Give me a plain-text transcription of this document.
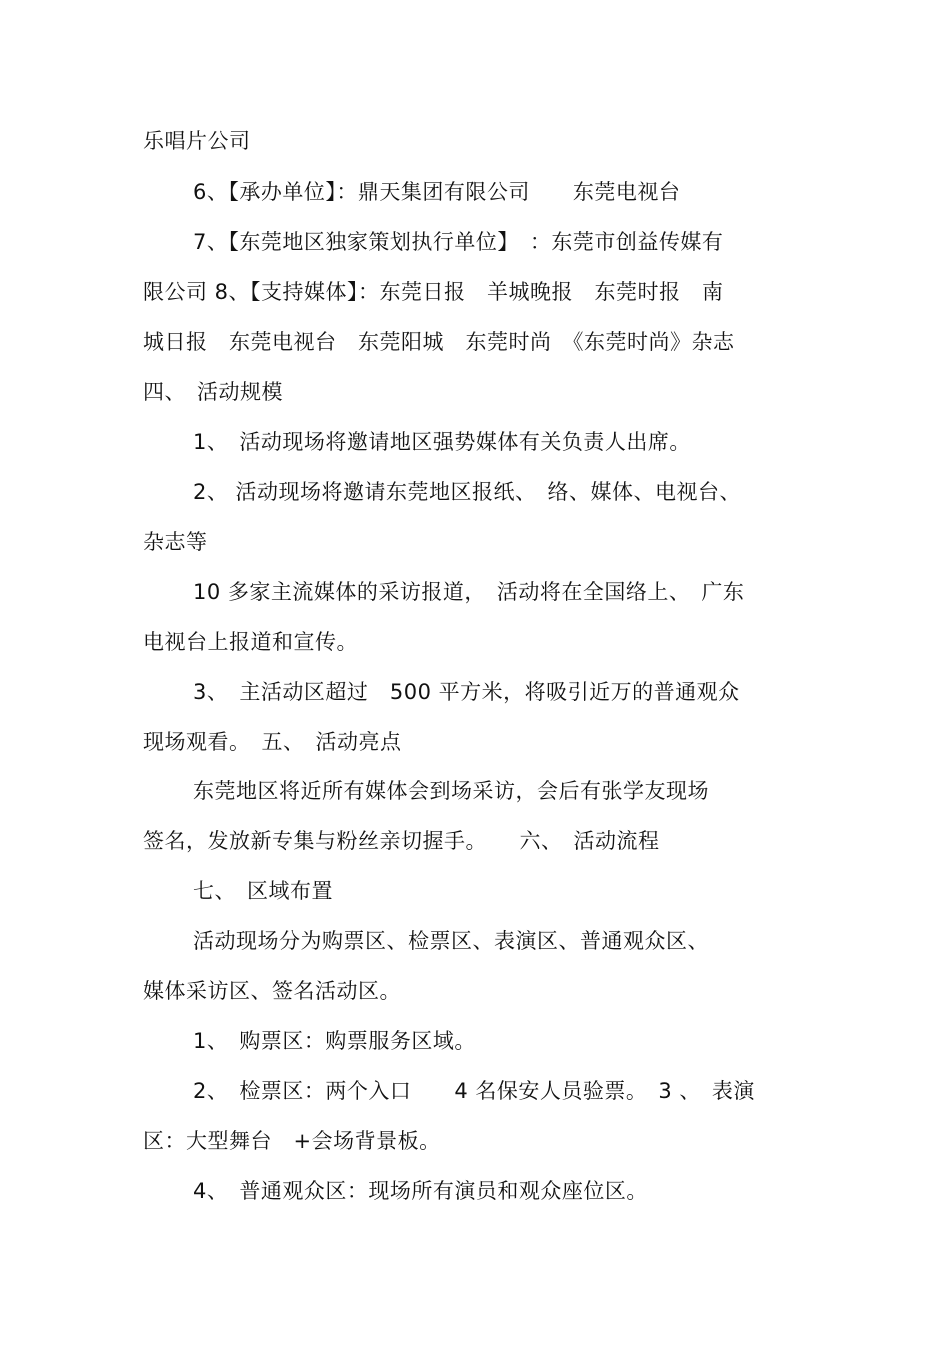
乐唱片公司
6、【承办单位】：鼎天集团有限公司　　东莞电视台
7、【东莞地区独家策划执行单位】　：东莞市创益传媒有
限公司 8、【支持媒体】：东莞日报　羊城晚报　东莞时报　南
城日报　东莞电视台　东莞阳城　东莞时尚　《东莞时尚》杂志
四、　活动规模
1、　活动现场将邀请地区强势媒体有关负责人出席。
2、 活动现场将邀请东莞地区报纸、　络、媒体、电视台、
杂志等
10 多家主流媒体的采访报道，　活动将在全国络上、　广东
电视台上报道和宣传。
3、　主活动区超过　500 平方米，将吸引近万的普通观众
现场观看。　五、　活动亮点
东莞地区将近所有媒体会到场采访，会后有张学友现场
签名，发放新专集与粉丝亲切握手。　　六、　活动流程
七、　区域布置
活动现场分为购票区、检票区、表演区、普通观众区、
媒体采访区、签名活动区。
1、　购票区：购票服务区域。
2、　检票区：两个入口　　4 名保安人员验票。　3 、　表演
区：大型舞台　+会场背景板。
4、　普通观众区：现场所有演员和观众座位区。
